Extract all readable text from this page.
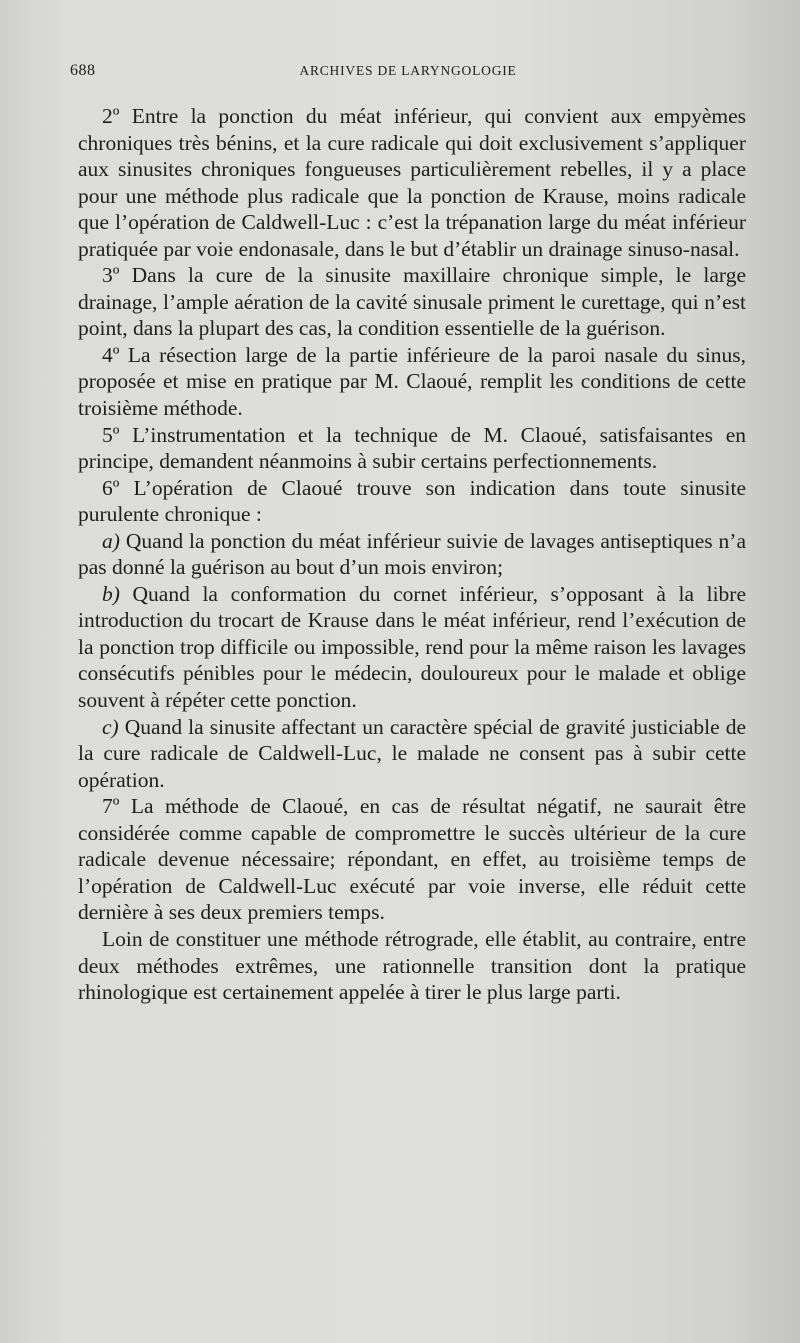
688	ARCHIVES DE LARYNGOLOGIE

2º Entre la ponction du méat inférieur, qui convient aux empyèmes chroniques très bénins, et la cure radicale qui doit exclusivement s’appliquer aux sinusites chroniques fongueuses particulièrement rebelles, il y a place pour une méthode plus radicale que la ponction de Krause, moins radicale que l’opération de Caldwell-Luc : c’est la trépanation large du méat inférieur pratiquée par voie endonasale, dans le but d’établir un drainage sinuso-nasal.

3º Dans la cure de la sinusite maxillaire chronique simple, le large drainage, l’ample aération de la cavité sinusale priment le curettage, qui n’est point, dans la plupart des cas, la condition essentielle de la guérison.

4º La résection large de la partie inférieure de la paroi nasale du sinus, proposée et mise en pratique par M. Claoué, remplit les conditions de cette troisième méthode.

5º L’instrumentation et la technique de M. Claoué, satisfaisantes en principe, demandent néanmoins à subir certains perfectionnements.

6º L’opération de Claoué trouve son indication dans toute sinusite purulente chronique :

a) Quand la ponction du méat inférieur suivie de lavages antiseptiques n’a pas donné la guérison au bout d’un mois environ;

b) Quand la conformation du cornet inférieur, s’opposant à la libre introduction du trocart de Krause dans le méat inférieur, rend l’exécution de la ponction trop difficile ou impossible, rend pour la même raison les lavages consécutifs pénibles pour le médecin, douloureux pour le malade et oblige souvent à répéter cette ponction.

c) Quand la sinusite affectant un caractère spécial de gravité justiciable de la cure radicale de Caldwell-Luc, le malade ne consent pas à subir cette opération.

7º La méthode de Claoué, en cas de résultat négatif, ne saurait être considérée comme capable de compromettre le succès ultérieur de la cure radicale devenue nécessaire; répondant, en effet, au troisième temps de l’opération de Caldwell-Luc exécuté par voie inverse, elle réduit cette dernière à ses deux premiers temps.

Loin de constituer une méthode rétrograde, elle établit, au contraire, entre deux méthodes extrêmes, une rationnelle transition dont la pratique rhinologique est certainement appelée à tirer le plus large parti.
